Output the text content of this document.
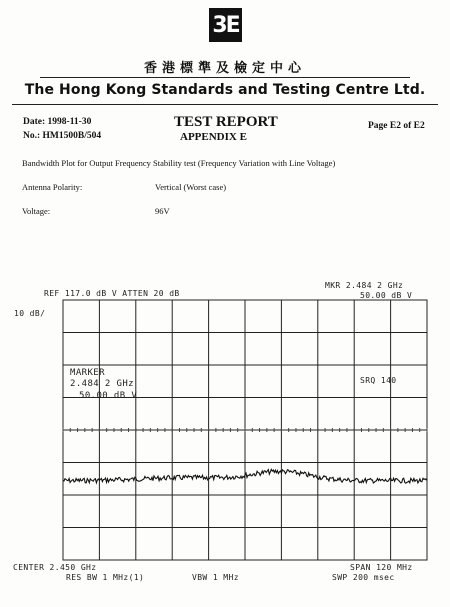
3E
香港標準及檢定中心
The Hong Kong Standards and Testing Centre Ltd.
Date: 1998-11-30
No.: HM1500B/504
TEST REPORT
APPENDIX E
Page E2 of E2
Bandwidth Plot for Output Frequency Stability test (Frequency Variation with Line Voltage)
Antenna Polarity:	Vertical (Worst case)
Voltage:	96V
REF 117.0 dB V ATTEN 20 dB
MKR 2.484 2 GHz
50.00 dB V
10 dB/
MARKER
2.484 2 GHz
50.00 dB V
SRQ 140
CENTER 2.450 GHz	SPAN 120 MHz
RES BW 1 MHz(1)	VBW 1 MHz	SWP 200 msec
